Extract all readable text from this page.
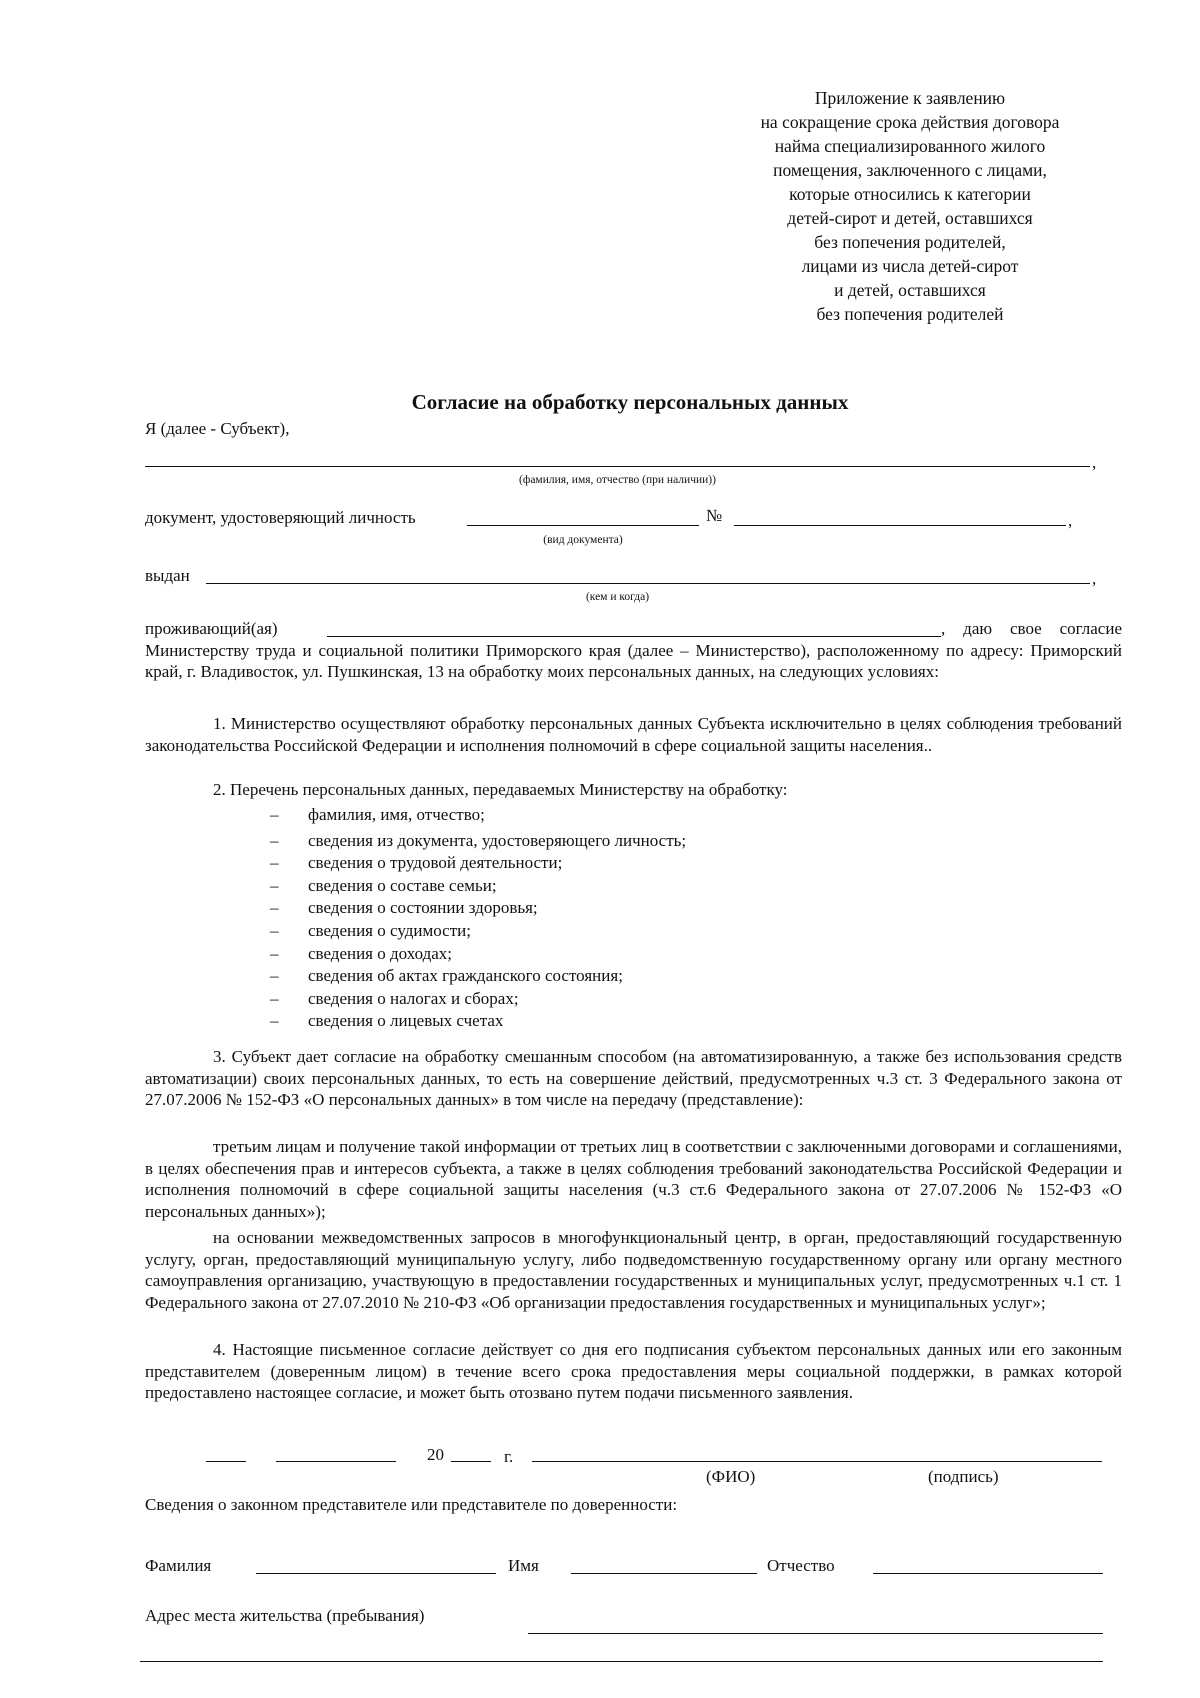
Приложение к заявлению
на сокращение срока действия договора
найма специализированного жилого
помещения, заключенного с лицами,
которые относились к категории
детей-сирот и детей, оставшихся
без попечения родителей,
лицами из числа детей-сирот
и детей, оставшихся
без попечения родителей
Согласие на обработку персональных данных
Я (далее - Субъект),
,
(фамилия, имя, отчество (при наличии))
документ, удостоверяющий личность	№	,
(вид документа)
выдан	,
(кем и когда)
проживающий(ая)	, даю свое согласие Министерству труда и социальной политики Приморского края (далее – Министерство), расположенному по адресу: Приморский край, г. Владивосток, ул. Пушкинская, 13 на обработку моих персональных данных, на следующих условиях:
1. Министерство осуществляют обработку персональных данных Субъекта исключительно в целях соблюдения требований законодательства Российской Федерации и исполнения полномочий в сфере социальной защиты населения..
2. Перечень персональных данных, передаваемых Министерству на обработку:
– фамилия, имя, отчество;
– сведения из документа, удостоверяющего личность;
– сведения о трудовой деятельности;
– сведения о составе семьи;
– сведения о состоянии здоровья;
– сведения о судимости;
– сведения о доходах;
– сведения об актах гражданского состояния;
– сведения о налогах и сборах;
– сведения о лицевых счетах
3. Субъект дает согласие на обработку смешанным способом (на автоматизированную, а также без использования средств автоматизации) своих персональных данных, то есть на совершение действий, предусмотренных ч.3 ст. 3 Федерального закона от 27.07.2006 № 152-ФЗ «О персональных данных» в том числе на передачу (представление):
третьим лицам и получение такой информации от третьих лиц в соответствии с заключенными договорами и соглашениями, в целях обеспечения прав и интересов субъекта, а также в целях соблюдения требований законодательства Российской Федерации и исполнения полномочий в сфере социальной защиты населения (ч.3 ст.6 Федерального закона от 27.07.2006 № 152-ФЗ «О персональных данных»);
на основании межведомственных запросов в многофункциональный центр, в орган, предоставляющий государственную услугу, орган, предоставляющий муниципальную услугу, либо подведомственную государственному органу или органу местного самоуправления организацию, участвующую в предоставлении государственных и муниципальных услуг, предусмотренных ч.1 ст. 1 Федерального закона от 27.07.2010 № 210-ФЗ «Об организации предоставления государственных и муниципальных услуг»;
4. Настоящие письменное согласие действует со дня его подписания субъектом персональных данных или его законным представителем (доверенным лицом) в течение всего срока предоставления меры социальной поддержки, в рамках которой предоставлено настоящее согласие, и может быть отозвано путем подачи письменного заявления.
20	г.
(ФИО)	(подпись)
Сведения о законном представителе или представителе по доверенности:
Фамилия	Имя	Отчество
Адрес места жительства (пребывания)
